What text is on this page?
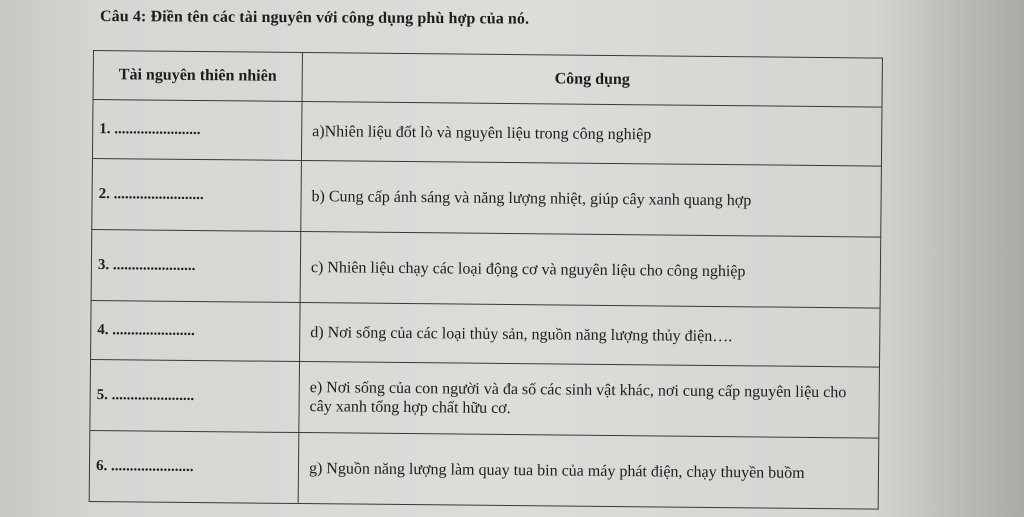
Câu 4: Điền tên các tài nguyên với công dụng phù hợp của nó.
Tài nguyên thiên nhiên	Công dụng
1. .......................	a)Nhiên liệu đốt lò và nguyên liệu trong công nghiệp
2. ........................	b) Cung cấp ánh sáng và năng lượng nhiệt, giúp cây xanh quang hợp
3. ......................	c) Nhiên liệu chạy các loại động cơ và nguyên liệu cho công nghiệp
4. ......................	d) Nơi sống của các loại thủy sản, nguồn năng lượng thủy điện….
5. ......................	e) Nơi sống của con người và đa số các sinh vật khác, nơi cung cấp nguyên liệu cho cây xanh tổng hợp chất hữu cơ.
6. ......................	g) Nguồn năng lượng làm quay tua bin của máy phát điện, chạy thuyền buồm
